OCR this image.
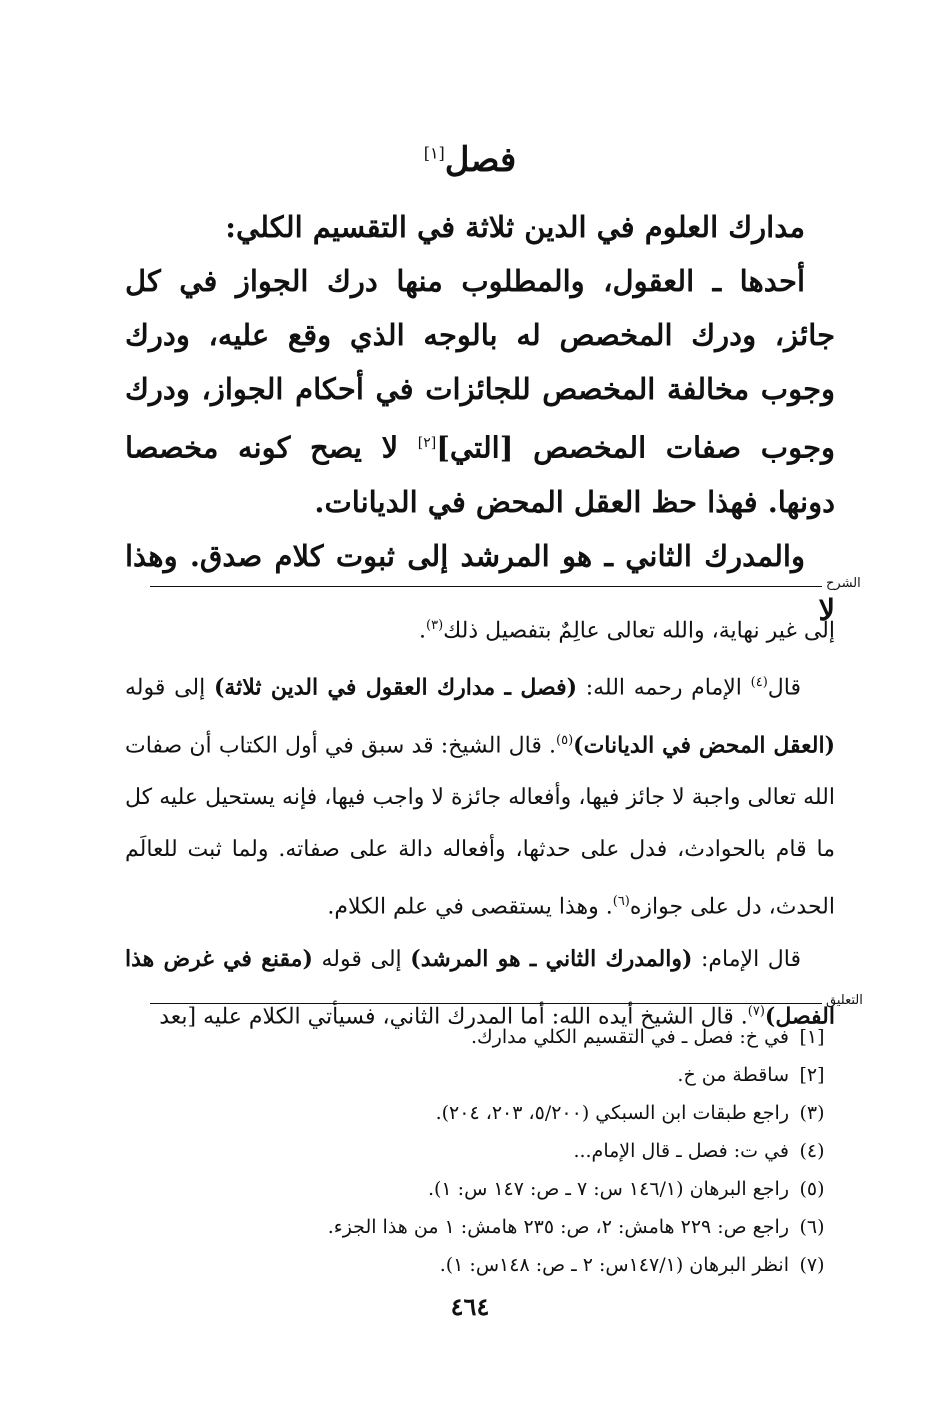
فصل[١]

مدارك العلوم في الدين ثلاثة في التقسيم الكلي:

أحدها ـ العقول، والمطلوب منها درك الجواز في كل جائز، ودرك المخصص له بالوجه الذي وقع عليه، ودرك وجوب مخالفة المخصص للجائزات في أحكام الجواز، ودرك وجوب صفات المخصص [التي][٢] لا يصح كونه مخصصا دونها. فهذا حظ العقل المحض في الديانات.

والمدرك الثاني ـ هو المرشد إلى ثبوت كلام صدق. وهذا لا

الشرح

إلى غير نهاية، والله تعالى عالِمٌ بتفصيل ذلك$^{(٣)}$.

قال$^{(٤)}$ الإمام رحمه الله: (فصل ـ مدارك العقول في الدين ثلاثة) إلى قوله (العقل المحض في الديانات)$^{(٥)}$. قال الشيخ: قد سبق في أول الكتاب أن صفات الله تعالى واجبة لا جائز فيها، وأفعاله جائزة لا واجب فيها، فإنه يستحيل عليه كل ما قام بالحوادث، فدل على حدثها، وأفعاله دالة على صفاته. ولما ثبت للعالَم الحدث، دل على جوازه$^{(٦)}$. وهذا يستقصى في علم الكلام.

قال الإمام: (والمدرك الثاني ـ هو المرشد) إلى قوله (مقنع في غرض هذا الفصل)$^{(٧)}$. قال الشيخ أيده الله: أما المدرك الثاني، فسيأتي الكلام عليه [بعد

التعليق
[١]
في خ: فصل ـ في التقسيم الكلي مدارك.
[٢]
ساقطة من خ.
(٣)
راجع طبقات ابن السبكي (٥/٢٠٠، ٢٠٣، ٢٠٤).
(٤)
في ت: فصل ـ قال الإمام...
(٥)
راجع البرهان (١٤٦/١ س: ٧ ـ ص: ١٤٧ س: ١).
(٦)
راجع ص: ٢٢٩ هامش: ٢، ص: ٢٣٥ هامش: ١ من هذا الجزء.
(٧)
انظر البرهان (١٤٧/١س: ٢ ـ ص: ١٤٨س: ١).
٤٦٤
